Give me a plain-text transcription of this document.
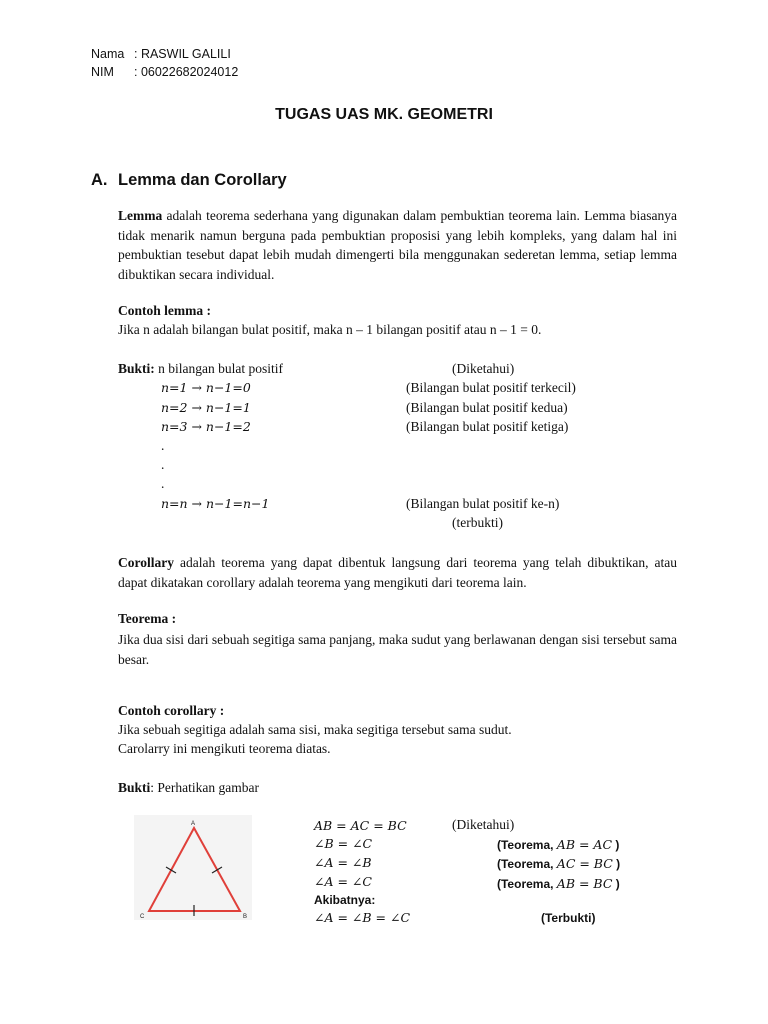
Nama : RASWIL GALILI
NIM : 06022682024012
TUGAS UAS MK. GEOMETRI
A. Lemma dan Corollary
Lemma adalah teorema sederhana yang digunakan dalam pembuktian teorema lain. Lemma biasanya tidak menarik namun berguna pada pembuktian proposisi yang lebih kompleks, yang dalam hal ini pembuktian tesebut dapat lebih mudah dimengerti bila menggunakan sederetan lemma, setiap lemma dibuktikan secara individual.
Contoh lemma :
Jika n adalah bilangan bulat positif, maka n – 1 bilangan positif atau n – 1 = 0.
Bukti: n bilangan bulat positif	(Diketahui)
n=1 → n−1=0	(Bilangan bulat positif terkecil)
n=2 → n−1=1	(Bilangan bulat positif kedua)
n=3 → n−1=2	(Bilangan bulat positif ketiga)
.
.
.
n=n → n−1=n−1	(Bilangan bulat positif ke-n)
(terbukti)
Corollary adalah teorema yang dapat dibentuk langsung dari teorema yang telah dibuktikan, atau dapat dikatakan corollary adalah teorema yang mengikuti dari teorema lain.
Teorema :
Jika dua sisi dari sebuah segitiga sama panjang, maka sudut yang berlawanan dengan sisi tersebut sama besar.
Contoh corollary :
Jika sebuah segitiga adalah sama sisi, maka segitiga tersebut sama sudut.
Carolarry ini mengikuti teorema diatas.
Bukti: Perhatikan gambar
A
B
C
AB = AC = BC	(Diketahui)
∠B = ∠C	(Teorema, AB = AC )
∠A = ∠B	(Teorema, AC = BC )
∠A = ∠C	(Teorema, AB = BC )
Akibatnya:
∠A = ∠B = ∠C	(Terbukti)
